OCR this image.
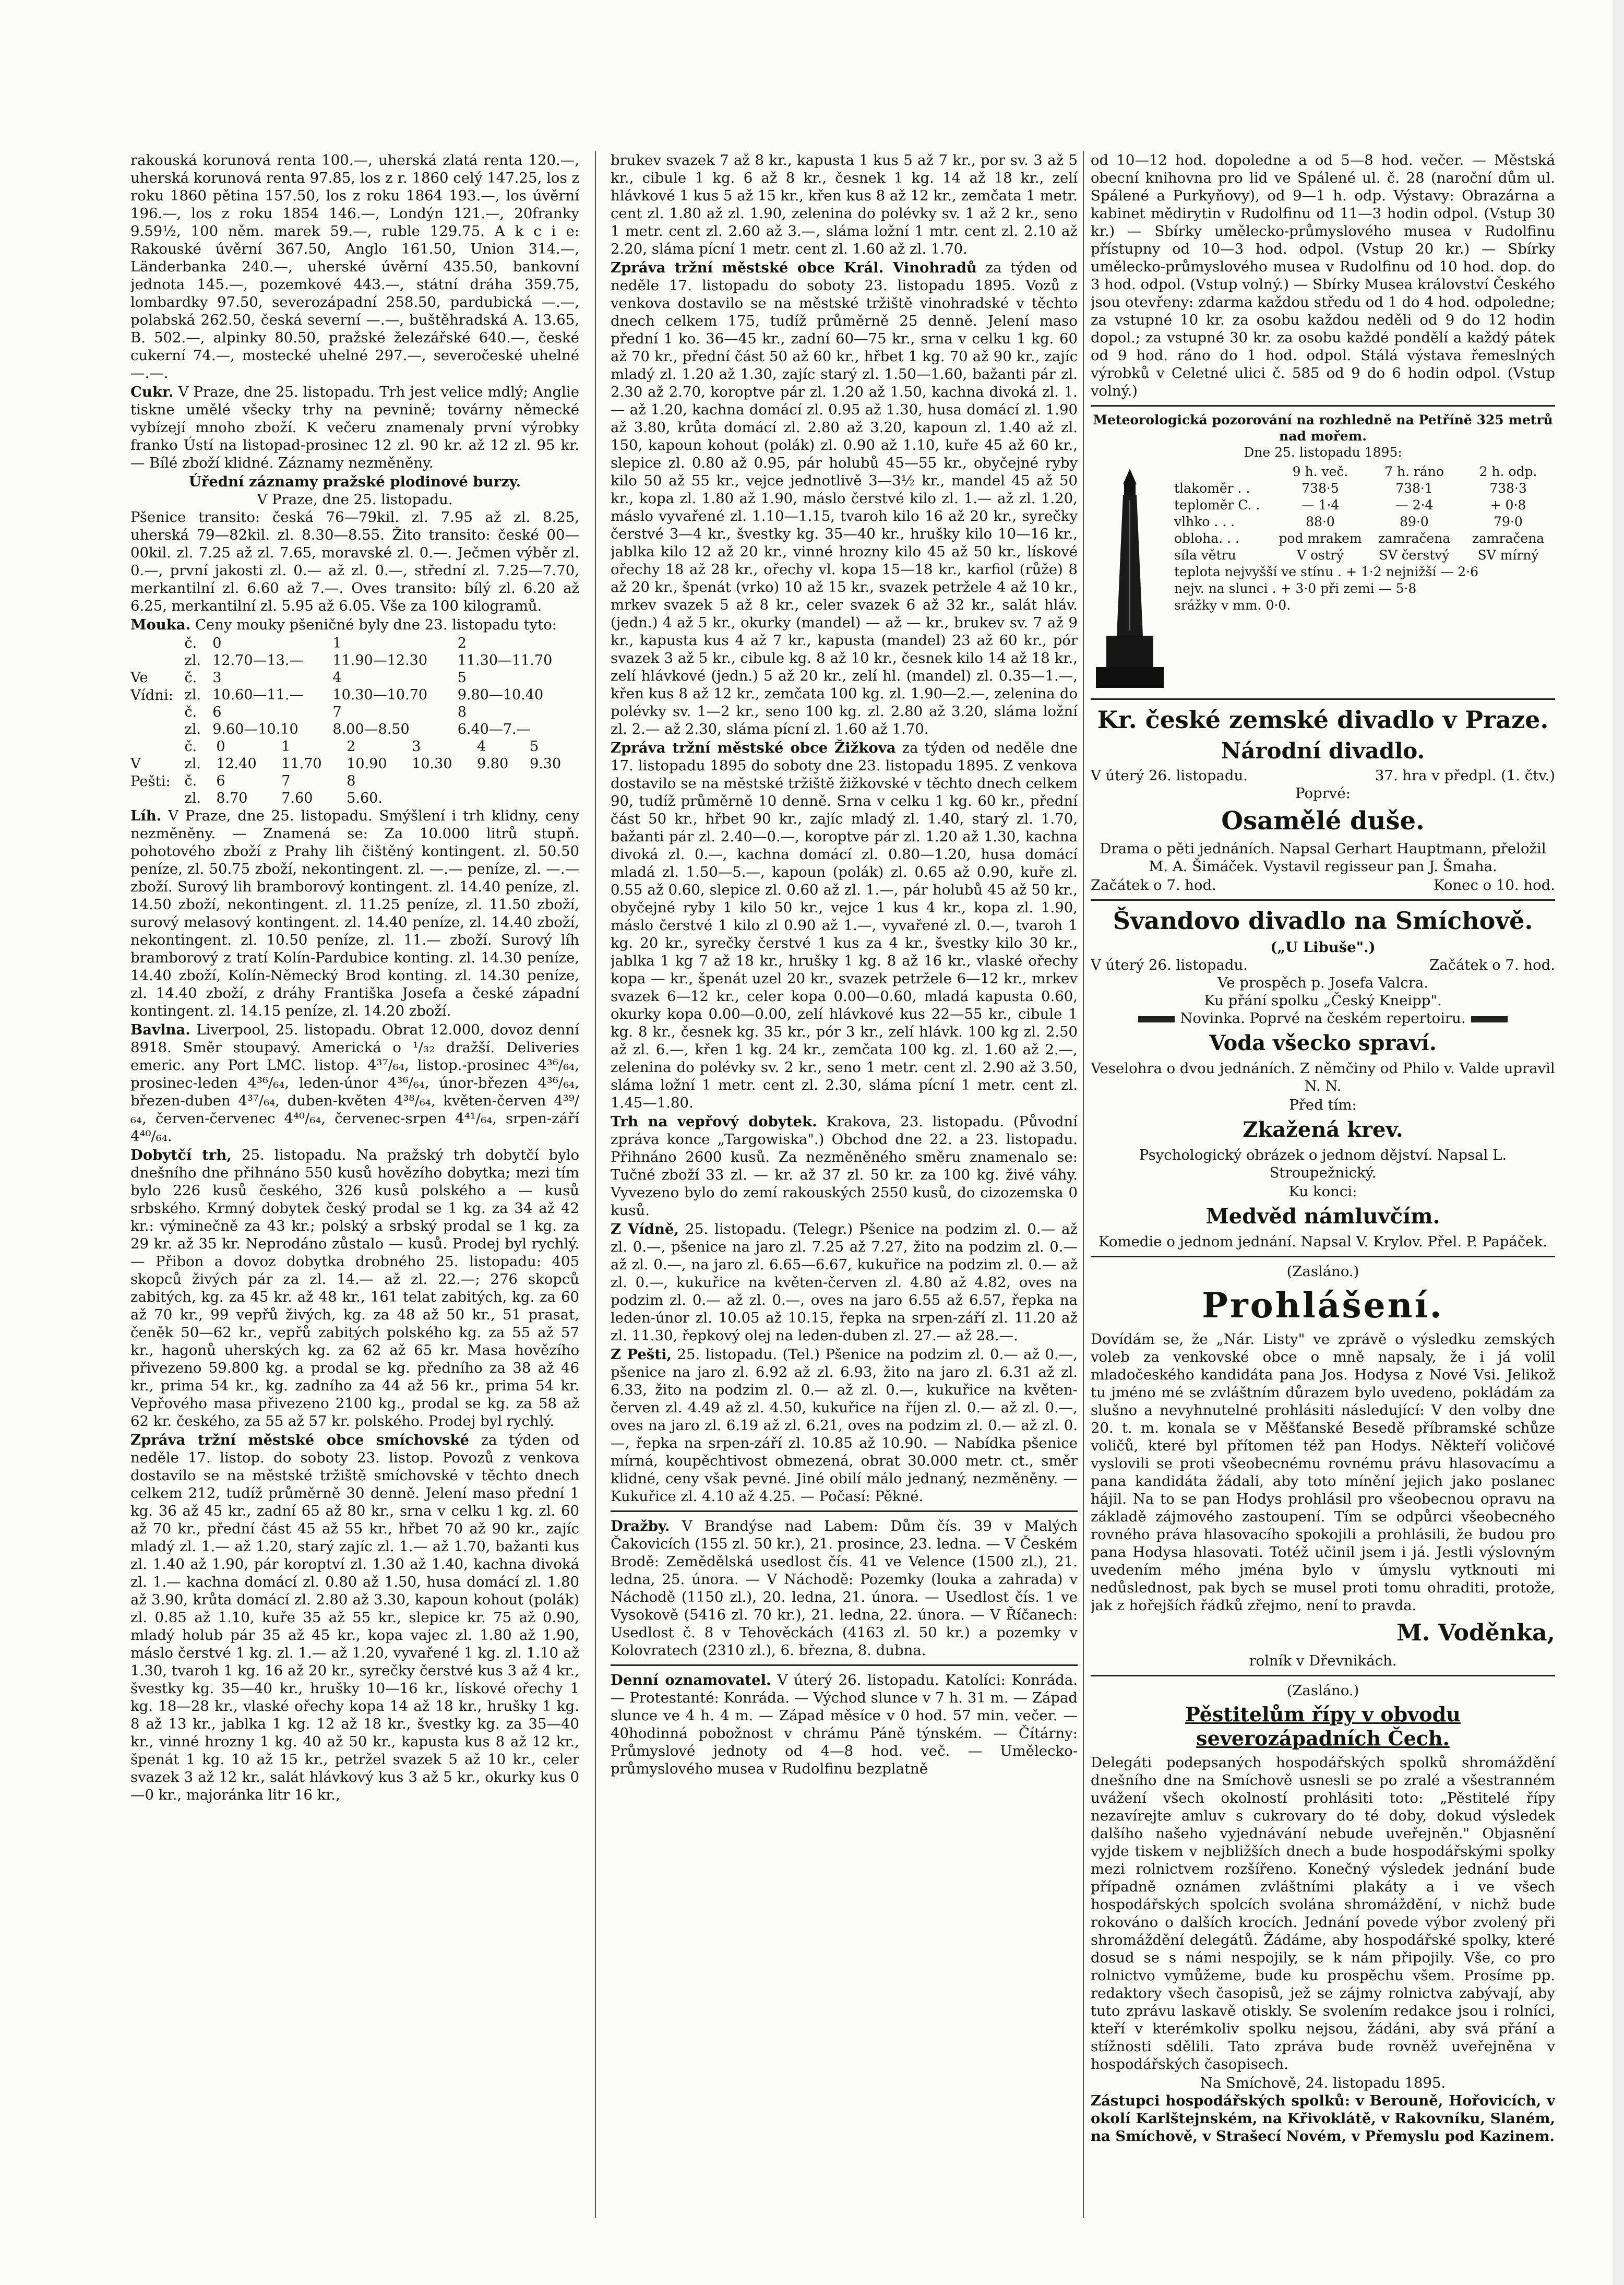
rakouská korunová renta 100.—, uherská zlatá renta 120.—, uherská korunová renta 97.85, los z r. 1860 celý 147.25, los z roku 1860 pětina 157.50, los z roku 1864 193.—, los úvěrní 196.—, los z roku 1854 146.—, Londýn 121.—, 20franky 9.59½, 100 něm. marek 59.—, ruble 129.75. A k c i e: Rakouské úvěrní 367.50, Anglo 161.50, Union 314.—, Länderbanka 240.—, uherské úvěrní 435.50, bankovní jednota 145.—, pozemkové 443.—, státní dráha 359.75, lombardky 97.50, severozápadní 258.50, pardubická —.—, polabská 262.50, česká severní —.—, buštěhradská A. 13.65, B. 502.—, alpinky 80.50, pražské železářské 640.—, české cukerní 74.—, mostecké uhelné 297.—, severočeské uhelné —.—.

Cukr. V Praze, dne 25. listopadu. Trh jest velice mdlý; Anglie tiskne umělé všecky trhy na pevnině; továrny německé vybízejí mnoho zboží. K večeru znamenaly první výrobky franko Ústí na listopad-prosinec 12 zl. 90 kr. až 12 zl. 95 kr. — Bílé zboží klidné. Záznamy nezměněny.

Úřední záznamy pražské plodinové burzy.

V Praze, dne 25. listopadu.

Pšenice transito: česká 76—79kil. zl. 7.95 až zl. 8.25, uherská 79—82kil. zl. 8.30—8.55. Žito transito: české 00—00kil. zl. 7.25 až zl. 7.65, moravské zl. 0.—. Ječmen výběr zl. 0.—, první jakosti zl. 0.— až zl. 0.—, střední zl. 7.25—7.70, merkantilní zl. 6.60 až 7.—. Oves transito: bílý zl. 6.20 až 6.25, merkantilní zl. 5.95 až 6.05. Vše za 100 kilogramů.

Mouka. Ceny mouky pšeničné byly dne 23. listopadu tyto:

Ve Vídni:
č.	0	1	2
zl.	12.70—13.—	11.90—12.30	11.30—11.70
č.	3	4	5
zl.	10.60—11.—	10.30—10.70	9.80—10.40
č.	6	7	8
zl.	9.60—10.10	8.00—8.50	6.40—7.—
V Pešti:
č.	0	1	2	3	4	5
zl.	12.40	11.70	10.90	10.30	9.80	9.30
č.	6	7	8			
zl.	8.70	7.60	5.60.			

Líh. V Praze, dne 25. listopadu. Smýšlení i trh klidny, ceny nezměněny. — Znamená se: Za 10.000 litrů stupň. pohotového zboží z Prahy lih čištěný kontingent. zl. 50.50 peníze, zl. 50.75 zboží, nekontingent. zl. —.— peníze, zl. —.— zboží. Surový lih bramborový kontingent. zl. 14.40 peníze, zl. 14.50 zboží, nekontingent. zl. 11.25 peníze, zl. 11.50 zboží, surový melasový kontingent. zl. 14.40 peníze, zl. 14.40 zboží, nekontingent. zl. 10.50 peníze, zl. 11.— zboží. Surový líh bramborový z tratí Kolín-Pardubice konting. zl. 14.30 peníze, 14.40 zboží, Kolín-Německý Brod konting. zl. 14.30 peníze, zl. 14.40 zboží, z dráhy Františka Josefa a české západní kontingent. zl. 14.15 peníze, zl. 14.20 zboží.

Bavlna. Liverpool, 25. listopadu. Obrat 12.000, dovoz denní 8918. Směr stoupavý. Americká o ¹/₃₂ dražší. Deliveries emeric. any Port LMC. listop. 4³⁷/₆₄, listop.-prosinec 4³⁶/₆₄, prosinec-leden 4³⁶/₆₄, leden-únor 4³⁶/₆₄, únor-březen 4³⁶/₆₄, březen-duben 4³⁷/₆₄, duben-květen 4³⁸/₆₄, květen-červen 4³⁹/₆₄, červen-červenec 4⁴⁰/₆₄, červenec-srpen 4⁴¹/₆₄, srpen-září 4⁴⁰/₆₄.

Dobytčí trh, 25. listopadu. Na pražský trh dobytčí bylo dnešního dne přihnáno 550 kusů hovězího dobytka; mezi tím bylo 226 kusů českého, 326 kusů polského a — kusů srbského. Krmný dobytek český prodal se 1 kg. za 34 až 42 kr.: výminečně za 43 kr.; polský a srbský prodal se 1 kg. za 29 kr. až 35 kr. Neprodáno zůstalo — kusů. Prodej byl rychlý. — Přibon a dovoz dobytka drobného 25. listopadu: 405 skopců živých pár za zl. 14.— až zl. 22.—; 276 skopců zabitých, kg. za 45 kr. až 48 kr., 161 telat zabitých, kg. za 60 až 70 kr., 99 vepřů živých, kg. za 48 až 50 kr., 51 prasat, čeněk 50—62 kr., vepřů zabitých polského kg. za 55 až 57 kr., hagonů uherských kg. za 62 až 65 kr. Masa hovězího přivezeno 59.800 kg. a prodal se kg. předního za 38 až 46 kr., prima 54 kr., kg. zadního za 44 až 56 kr., prima 54 kr. Vepřového masa přivezeno 2100 kg., prodal se kg. za 58 až 62 kr. českého, za 55 až 57 kr. polského. Prodej byl rychlý.

Zpráva tržní městské obce smíchovské za týden od neděle 17. listop. do soboty 23. listop. Povozů z venkova dostavilo se na městské tržiště smíchovské v těchto dnech celkem 212, tudíž průměrně 30 denně. Jelení maso přední 1 kg. 36 až 45 kr., zadní 65 až 80 kr., srna v celku 1 kg. zl. 60 až 70 kr., přední část 45 až 55 kr., hřbet 70 až 90 kr., zajíc mladý zl. 1.— až 1.20, starý zajíc zl. 1.— až 1.70, bažanti kus zl. 1.40 až 1.90, pár koroptví zl. 1.30 až 1.40, kachna divoká zl. 1.— kachna domácí zl. 0.80 až 1.50, husa domácí zl. 1.80 až 3.90, krůta domácí zl. 2.80 až 3.30, kapoun kohout (polák) zl. 0.85 až 1.10, kuře 35 až 55 kr., slepice kr. 75 až 0.90, mladý holub pár 35 až 45 kr., kopa vajec zl. 1.80 až 1.90, máslo čerstvé 1 kg. zl. 1.— až 1.20, vyvařené 1 kg. zl. 1.10 až 1.30, tvaroh 1 kg. 16 až 20 kr., syrečky čerstvé kus 3 až 4 kr., švestky kg. 35—40 kr., hrušky 10—16 kr., lískové ořechy 1 kg. 18—28 kr., vlaské ořechy kopa 14 až 18 kr., hrušky 1 kg. 8 až 13 kr., jablka 1 kg. 12 až 18 kr., švestky kg. za 35—40 kr., vinné hrozny 1 kg. 40 až 50 kr., kapusta kus 8 až 12 kr., špenát 1 kg. 10 až 15 kr., petržel svazek 5 až 10 kr., celer svazek 3 až 12 kr., salát hlávkový kus 3 až 5 kr., okurky kus 0—0 kr., majoránka litr 16 kr.,

brukev svazek 7 až 8 kr., kapusta 1 kus 5 až 7 kr., por sv. 3 až 5 kr., cibule 1 kg. 6 až 8 kr., česnek 1 kg. 14 až 18 kr., zelí hlávkové 1 kus 5 až 15 kr., křen kus 8 až 12 kr., zemčata 1 metr. cent zl. 1.80 až zl. 1.90, zelenina do polévky sv. 1 až 2 kr., seno 1 metr. cent zl. 2.60 až 3.—, sláma ložní 1 mtr. cent zl. 2.10 až 2.20, sláma pícní 1 metr. cent zl. 1.60 až zl. 1.70.

Zpráva tržní městské obce Král. Vinohradů za týden od neděle 17. listopadu do soboty 23. listopadu 1895. Vozů z venkova dostavilo se na městské tržiště vinohradské v těchto dnech celkem 175, tudíž průměrně 25 denně. Jelení maso přední 1 ko. 36—45 kr., zadní 60—75 kr., srna v celku 1 kg. 60 až 70 kr., přední část 50 až 60 kr., hřbet 1 kg. 70 až 90 kr., zajíc mladý zl. 1.20 až 1.30, zajíc starý zl. 1.50—1.60, bažanti pár zl. 2.30 až 2.70, koroptve pár zl. 1.20 až 1.50, kachna divoká zl. 1.— až 1.20, kachna domácí zl. 0.95 až 1.30, husa domácí zl. 1.90 až 3.80, krůta domácí zl. 2.80 až 3.20, kapoun zl. 1.40 až zl. 150, kapoun kohout (polák) zl. 0.90 až 1.10, kuře 45 až 60 kr., slepice zl. 0.80 až 0.95, pár holubů 45—55 kr., obyčejné ryby kilo 50 až 55 kr., vejce jednotlivě 3—3½ kr., mandel 45 až 50 kr., kopa zl. 1.80 až 1.90, máslo čerstvé kilo zl. 1.— až zl. 1.20, máslo vyvařené zl. 1.10—1.15, tvaroh kilo 16 až 20 kr., syrečky čerstvé 3—4 kr., švestky kg. 35—40 kr., hrušky kilo 10—16 kr., jablka kilo 12 až 20 kr., vinné hrozny kilo 45 až 50 kr., lískové ořechy 18 až 28 kr., ořechy vl. kopa 15—18 kr., karfiol (růže) 8 až 20 kr., špenát (vrko) 10 až 15 kr., svazek petržele 4 až 10 kr., mrkev svazek 5 až 8 kr., celer svazek 6 až 32 kr., salát hláv. (jedn.) 4 až 5 kr., okurky (mandel) — až — kr., brukev sv. 7 až 9 kr., kapusta kus 4 až 7 kr., kapusta (mandel) 23 až 60 kr., pór svazek 3 až 5 kr., cibule kg. 8 až 10 kr., česnek kilo 14 až 18 kr., zelí hlávkové (jedn.) 5 až 20 kr., zelí hl. (mandel) zl. 0.35—1.—, křen kus 8 až 12 kr., zemčata 100 kg. zl. 1.90—2.—, zelenina do polévky sv. 1—2 kr., seno 100 kg. zl. 2.80 až 3.20, sláma ložní zl. 2.— až 2.30, sláma pícní zl. 1.60 až 1.70.

Zpráva tržní městské obce Žižkova za týden od neděle dne 17. listopadu 1895 do soboty dne 23. listopadu 1895. Z venkova dostavilo se na městské tržiště žižkovské v těchto dnech celkem 90, tudíž průměrně 10 denně. Srna v celku 1 kg. 60 kr., přední část 50 kr., hřbet 90 kr., zajíc mladý zl. 1.40, starý zl. 1.70, bažanti pár zl. 2.40—0.—, koroptve pár zl. 1.20 až 1.30, kachna divoká zl. 0.—, kachna domácí zl. 0.80—1.20, husa domácí mladá zl. 1.50—5.—, kapoun (polák) zl. 0.65 až 0.90, kuře zl. 0.55 až 0.60, slepice zl. 0.60 až zl. 1.—, pár holubů 45 až 50 kr., obyčejné ryby 1 kilo 50 kr., vejce 1 kus 4 kr., kopa zl. 1.90, máslo čerstvé 1 kilo zl 0.90 až 1.—, vyvařené zl. 0.—, tvaroh 1 kg. 20 kr., syrečky čerstvé 1 kus za 4 kr., švestky kilo 30 kr., jablka 1 kg 7 až 18 kr., hrušky 1 kg. 8 až 16 kr., vlaské ořechy kopa — kr., špenát uzel 20 kr., svazek petržele 6—12 kr., mrkev svazek 6—12 kr., celer kopa 0.00—0.60, mladá kapusta 0.60, okurky kopa 0.00—0.00, zelí hlávkové kus 22—55 kr., cibule 1 kg. 8 kr., česnek kg. 35 kr., pór 3 kr., zelí hlávk. 100 kg zl. 2.50 až zl. 6.—, křen 1 kg. 24 kr., zemčata 100 kg. zl. 1.60 až 2.—, zelenina do polévky sv. 2 kr., seno 1 metr. cent zl. 2.90 až 3.50, sláma ložní 1 metr. cent zl. 2.30, sláma pícní 1 metr. cent zl. 1.45—1.80.

Trh na vepřový dobytek. Krakova, 23. listopadu. (Původní zpráva konce „Targowiska".) Obchod dne 22. a 23. listopadu. Přihnáno 2600 kusů. Za nezměněného směru znamenalo se: Tučné zboží 33 zl. — kr. až 37 zl. 50 kr. za 100 kg. živé váhy. Vyvezeno bylo do zemí rakouských 2550 kusů, do cizozemska 0 kusů.

Z Vídně, 25. listopadu. (Telegr.) Pšenice na podzim zl. 0.— až zl. 0.—, pšenice na jaro zl. 7.25 až 7.27, žito na podzim zl. 0.— až zl. 0.—, na jaro zl. 6.65—6.67, kukuřice na podzim zl. 0.— až zl. 0.—, kukuřice na květen-červen zl. 4.80 až 4.82, oves na podzim zl. 0.— až zl. 0.—, oves na jaro 6.55 až 6.57, řepka na leden-únor zl. 10.05 až 10.15, řepka na srpen-září zl. 11.20 až zl. 11.30, řepkový olej na leden-duben zl. 27.— až 28.—.

Z Pešti, 25. listopadu. (Tel.) Pšenice na podzim zl. 0.— až 0.—, pšenice na jaro zl. 6.92 až zl. 6.93, žito na jaro zl. 6.31 až zl. 6.33, žito na podzim zl. 0.— až zl. 0.—, kukuřice na květen-červen zl. 4.49 až zl. 4.50, kukuřice na říjen zl. 0.— až zl. 0.—, oves na jaro zl. 6.19 až zl. 6.21, oves na podzim zl. 0.— až zl. 0.—, řepka na srpen-září zl. 10.85 až 10.90. — Nabídka pšenice mírná, koupěchtivost obmezená, obrat 30.000 metr. ct., směr klidné, ceny však pevné. Jiné obilí málo jednaný, nezměněny. — Kukuřice zl. 4.10 až 4.25. — Počasí: Pěkné.

Dražby. V Brandýse nad Labem: Dům čís. 39 v Malých Čakovicích (155 zl. 50 kr.), 21. prosince, 23. ledna. — V Českém Brodě: Zemědělská usedlost čís. 41 ve Velence (1500 zl.), 21. ledna, 25. února. — V Náchodě: Pozemky (louka a zahrada) v Náchodě (1150 zl.), 20. ledna, 21. února. — Usedlost čís. 1 ve Vysokově (5416 zl. 70 kr.), 21. ledna, 22. února. — V Říčanech: Usedlost č. 8 v Tehověckách (4163 zl. 50 kr.) a pozemky v Kolovratech (2310 zl.), 6. března, 8. dubna.

Denní oznamovatel. V úterý 26. listopadu. Katolíci: Konráda. — Protestanté: Konráda. — Východ slunce v 7 h. 31 m. — Západ slunce ve 4 h. 4 m. — Západ měsíce v 0 hod. 57 min. večer. — 40hodinná pobožnost v chrámu Páně týnském. — Čítárny: Průmyslové jednoty od 4—8 hod. več. — Umělecko-průmyslového musea v Rudolfinu bezplatně

od 10—12 hod. dopoledne a od 5—8 hod. večer. — Městská obecní knihovna pro lid ve Spálené ul. č. 28 (naroční dům ul. Spálené a Purkyňovy), od 9—1 h. odp. Výstavy: Obrazárna a kabinet mědirytin v Rudolfinu od 11—3 hodin odpol. (Vstup 30 kr.) — Sbírky umělecko-průmyslového musea v Rudolfinu přístupny od 10—3 hod. odpol. (Vstup 20 kr.) — Sbírky umělecko-průmyslového musea v Rudolfinu od 10 hod. dop. do 3 hod. odpol. (Vstup volný.) — Sbírky Musea království Českého jsou otevřeny: zdarma každou středu od 1 do 4 hod. odpoledne; za vstupné 10 kr. za osobu každou neděli od 9 do 12 hodin dopol.; za vstupné 30 kr. za osobu každé pondělí a každý pátek od 9 hod. ráno do 1 hod. odpol. Stálá výstava řemeslných výrobků v Celetné ulici č. 585 od 9 do 6 hodin odpol. (Vstup volný.)

Meteorologická pozorování na rozhledně na Petříně 325 metrů nad mořem.

Dne 25. listopadu 1895:

9 h. več.	7 h. ráno	2 h. odp.
tlakoměr . .	738·5	738·1	738·3
teploměr C. .	— 1·4	— 2·4	+ 0·8
vlhko . . .	88·0	89·0	79·0
obloha. . .	pod mrakem	zamračena	zamračena
síla větru	V ostrý	SV čerstvý	SV mírný
teplota nejvyšší ve stínu . + 1·2 nejnižší — 2·6
nejv. na slunci . + 3·0 při zemi — 5·8
srážky v mm. 0·0.

Kr. české zemské divadlo v Praze.

Národní divadlo.

V úterý 26. listopadu.	37. hra v předpl. (1. čtv.)

Poprvé:

Osamělé duše.

Drama o pěti jednáních. Napsal Gerhart Hauptmann, přeložil M. A. Šimáček. Vystavil regisseur pan J. Šmaha.

Začátek o 7. hod.	Konec o 10. hod.

Švandovo divadlo na Smíchově.

(„U Libuše".)

V úterý 26. listopadu.	Začátek o 7. hod.

Ve prospěch p. Josefa Valcra.

Ku přání spolku „Český Kneipp".

Novinka. Poprvé na českém repertoiru.

Voda všecko spraví.

Veselohra o dvou jednáních. Z němčiny od Philo v. Valde upravil N. N.

Před tím:

Zkažená krev.

Psychologický obrázek o jednom dějství. Napsal L. Stroupežnický.

Ku konci:

Medvěd námluvčím.

Komedie o jednom jednání. Napsal V. Krylov. Přel. P. Papáček.

(Zasláno.)

Prohlášení.

Dovídám se, že „Nár. Listy" ve zprávě o výsledku zemských voleb za venkovské obce o mně napsaly, že i já volil mladočeského kandidáta pana Jos. Hodysa z Nové Vsi. Jelikož tu jméno mé se zvláštním důrazem bylo uvedeno, pokládám za slušno a nevyhnutelné prohlásiti následující: V den volby dne 20. t. m. konala se v Měšťanské Besedě příbramské schůze voličů, které byl přítomen též pan Hodys. Někteří voličové vyslovili se proti všeobecnému rovnému právu hlasovacímu a pana kandidáta žádali, aby toto mínění jejich jako poslanec hájil. Na to se pan Hodys prohlásil pro všeobecnou opravu na základě zájmového zastoupení. Tím se odpůrci všeobecného rovného práva hlasovacího spokojili a prohlásili, že budou pro pana Hodysa hlasovati. Totéž učinil jsem i já. Jestli výslovným uvedením mého jména bylo v úmyslu vytknouti mi nedůslednost, pak bych se musel proti tomu ohraditi, protože, jak z hořejších řádků zřejmo, není to pravda.

M. Voděnka,

rolník v Dřevnikách.

(Zasláno.)

Pěstitelům řípy v obvodu severozápadních Čech.

Delegáti podepsaných hospodářských spolků shromáždění dnešního dne na Smíchově usnesli se po zralé a všestranném uvážení všech okolností prohlásiti toto: „Pěstitelé řípy nezavírejte amluv s cukrovary do té doby, dokud výsledek dalšího našeho vyjednávání nebude uveřejněn." Objasnění vyjde tiskem v nejbližších dnech a bude hospodářskými spolky mezi rolnictvem rozšířeno. Konečný výsledek jednání bude případně oznámen zvláštními plakáty a i ve všech hospodářských spolcích svolána shromáždění, v nichž bude rokováno o dalších krocích. Jednání povede výbor zvolený při shromáždění delegátů. Žádáme, aby hospodářské spolky, které dosud se s námi nespojily, se k nám připojily. Vše, co pro rolnictvo vymůžeme, bude ku prospěchu všem. Prosíme pp. redaktory všech časopisů, jež se zájmy rolnictva zabývají, aby tuto zprávu laskavě otiskly. Se svolením redakce jsou i rolníci, kteří v kterémkoliv spolku nejsou, žádáni, aby svá přání a stížnosti sdělili. Tato zpráva bude rovněž uveřejněna v hospodářských časopisech.

Na Smíchově, 24. listopadu 1895.

Zástupci hospodářských spolků: v Berouně, Hořovicích, v okolí Karlštejnském, na Křivoklátě, v Rakovníku, Slaném, na Smíchově, v Strašecí Novém, v Přemyslu pod Kazinem.
